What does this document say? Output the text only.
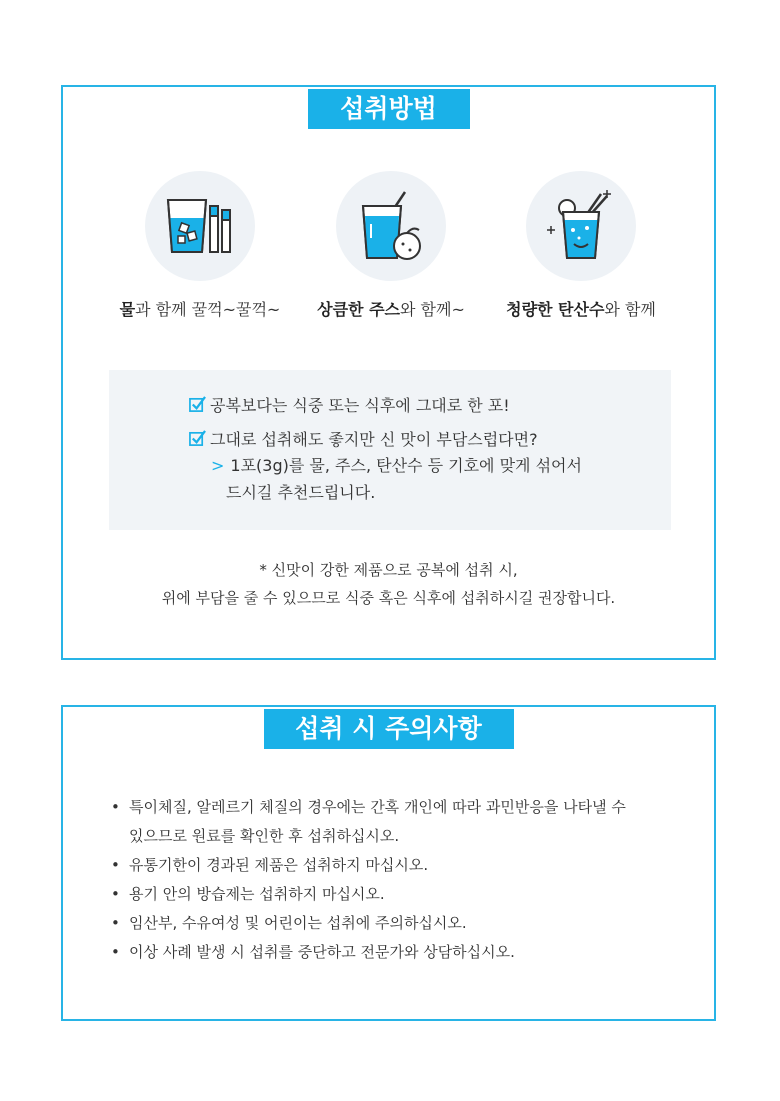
섭취방법
물과 함께 꿀꺽~꿀꺽~	상큼한 주스와 함께~	청량한 탄산수와 함께
공복보다는 식중 또는 식후에 그대로 한 포!
그대로 섭취해도 좋지만 신 맛이 부담스럽다면?
> 1포(3g)를 물, 주스, 탄산수 등 기호에 맞게 섞어서
드시길 추천드립니다.
* 신맛이 강한 제품으로 공복에 섭취 시,
위에 부담을 줄 수 있으므로 식중 혹은 식후에 섭취하시길 권장합니다.
섭취 시 주의사항
• 특이체질, 알레르기 체질의 경우에는 간혹 개인에 따라 과민반응을 나타낼 수
있으므로 원료를 확인한 후 섭취하십시오.
• 유통기한이 경과된 제품은 섭취하지 마십시오.
• 용기 안의 방습제는 섭취하지 마십시오.
• 임산부, 수유여성 및 어린이는 섭취에 주의하십시오.
• 이상 사례 발생 시 섭취를 중단하고 전문가와 상담하십시오.
